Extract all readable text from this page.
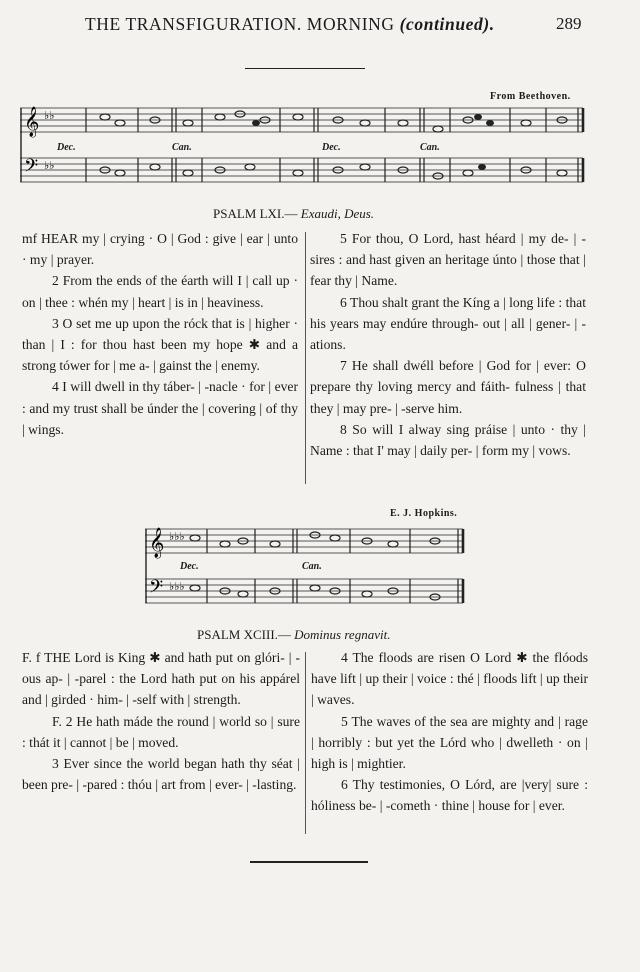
THE TRANSFIGURATION. MORNING (continued).	289
From Beethoven.
𝄞
𝄢
♭♭
♭♭
Dec.	Can.	Dec.	Can.
PSALM LXI.— Exaudi, Deus.

mf HEAR my | crying · O | God : give | ear | unto · my | prayer.

2 From the ends of the éarth will I | call up · on | thee : whén my | heart | is in | heaviness.

3 O set me up upon the róck that is | higher · than | I : for thou hast been my hope ✱ and a strong tówer for | me a- | gainst the | enemy.

4 I will dwell in thy táber- | -nacle · for | ever : and my trust shall be únder the | covering | of thy | wings.

5 For thou, O Lord, hast héard | my de- | -sires : and hast given an heritage únto | those that | fear thy | Name.

6 Thou shalt grant the Kíng a | long life : that his years may endúre through- out | all | gener- | -ations.

7 He shall dwéll before | God for | ever: O prepare thy loving mercy and fáith- fulness | that they | may pre- | -serve him.

8 So will I alway sing práise | unto · thy | Name : that I' may | daily per- | form my | vows.

E. J. Hopkins.
𝄞
𝄢
♭♭♭
♭♭♭
Dec.	Can.
PSALM XCIII.— Dominus regnavit.

F. f THE Lord is King ✱ and hath put on glóri- | -ous ap- | -parel : the Lord hath put on his appárel and | girded · him- | -self with | strength.

F. 2 He hath máde the round | world so | sure : thát it | cannot | be | moved.

3 Ever since the world began hath thy séat | been pre- | -pared : thóu | art from | ever- | -lasting.

4 The floods are risen O Lord ✱ the flóods have lift | up their | voice : thé | floods lift | up their | waves.

5 The waves of the sea are mighty and | rage | horribly : but yet the Lórd who | dwelleth · on | high is | mightier.

6 Thy testimonies, O Lórd, are |very| sure : hóliness be- | -cometh · thine | house for | ever.
